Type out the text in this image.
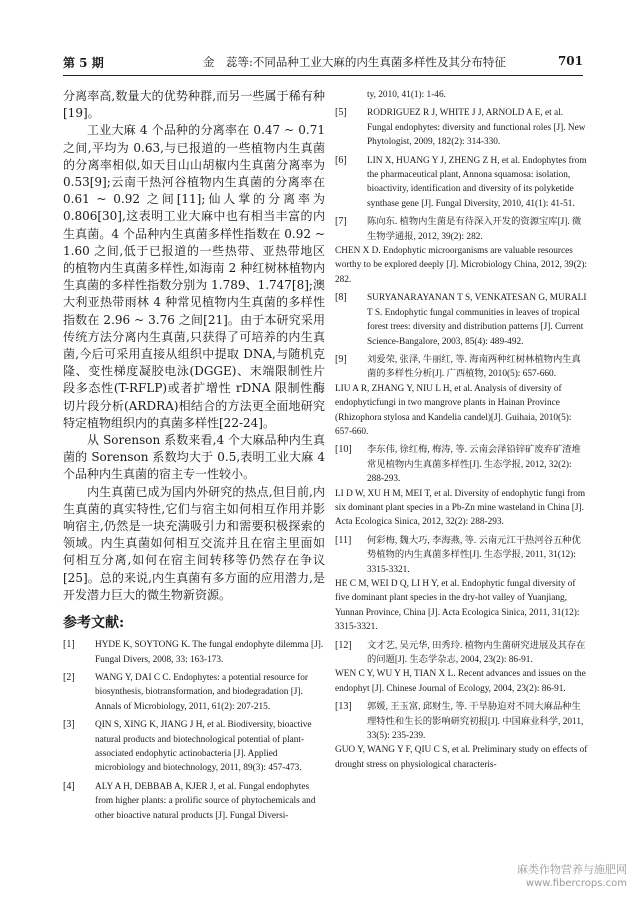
第 5 期	金　蕊等:不同品种工业大麻的内生真菌多样性及其分布特征	701

分离率高,数量大的优势种群,而另一些属于稀有种[19]。

工业大麻 4 个品种的分离率在 0.47 ~ 0.71 之间,平均为 0.63,与已报道的一些植物内生真菌的分离率相似,如天目山山胡椒内生真菌分离率为 0.53[9];云南干热河谷植物内生真菌的分离率在 0.61 ~ 0.92 之间[11];仙人掌的分离率为 0.806[30],这表明工业大麻中也有相当丰富的内生真菌。4 个品种内生真菌多样性指数在 0.92 ~ 1.60 之间,低于已报道的一些热带、亚热带地区的植物内生真菌多样性,如海南 2 种红树林植物内生真菌的多样性指数分别为 1.789、1.747[8];澳大利亚热带雨林 4 种常见植物内生真菌的多样性指数在 2.96 ~ 3.76 之间[21]。由于本研究采用传统方法分离内生真菌,只获得了可培养的内生真菌,今后可采用直接从组织中提取 DNA,与随机克隆、变性梯度凝胶电泳(DGGE)、末端限制性片段多态性(T-RFLP)或者扩增性 rDNA 限制性酶切片段分析(ARDRA)相结合的方法更全面地研究特定植物组织内的真菌多样性[22-24]。

从 Sorenson 系数来看,4 个大麻品种内生真菌的 Sorenson 系数均大于 0.5,表明工业大麻 4 个品种内生真菌的宿主专一性较小。

内生真菌已成为国内外研究的热点,但目前,内生真菌的真实特性,它们与宿主如何相互作用并影响宿主,仍然是一块充满吸引力和需要积极探索的领域。内生真菌如何相互交流并且在宿主里面如何相互分离,如何在宿主间转移等仍然存在争议[25]。总的来说,内生真菌有多方面的应用潜力,是开发潜力巨大的微生物新资源。

参考文献:
[1]	HYDE K, SOYTONG K. The fungal endophyte dilemma [J]. Fungal Divers, 2008, 33: 163-173.
[2]	WANG Y, DAI C C. Endophytes: a potential resource for biosynthesis, biotransformation, and biodegradation [J]. Annals of Microbiology, 2011, 61(2): 207-215.
[3]	QIN S, XING K, JIANG J H, et al. Biodiversity, bioactive natural products and biotechnological potential of plant-associated endophytic actinobacteria [J]. Applied microbiology and biotechnology, 2011, 89(3): 457-473.
[4]	ALY A H, DEBBAB A, KJER J, et al. Fungal endophytes from higher plants: a prolific source of phytochemicals and other bioactive natural products [J]. Fungal Diversi-
ty, 2010, 41(1): 1-46.
[5]	RODRIGUEZ R J, WHITE J J, ARNOLD A E, et al. Fungal endophytes: diversity and functional roles [J]. New Phytologist, 2009, 182(2): 314-330.
[6]	LIN X, HUANG Y J, ZHENG Z H, et al. Endophytes from the pharmaceutical plant, Annona squamosa: isolation, bioactivity, identification and diversity of its polyketide synthase gene [J]. Fungal Diversity, 2010, 41(1): 41-51.
[7]	陈向东. 植物内生菌是有待深入开发的资源宝库[J]. 微生物学通报, 2012, 39(2): 282.
CHEN X D. Endophytic microorganisms are valuable resources worthy to be explored deeply [J]. Microbiology China, 2012, 39(2): 282.
[8]	SURYANARAYANAN T S, VENKATESAN G, MURALI T S. Endophytic fungal communities in leaves of tropical forest trees: diversity and distribution patterns [J]. Current Science-Bangalore, 2003, 85(4): 489-492.
[9]	刘爱荣, 张泽, 牛丽红, 等. 海南两种红树林植物内生真菌的多样性分析[J]. 广西植物, 2010(5): 657-660.
LIU A R, ZHANG Y, NIU L H, et al. Analysis of diversity of endophyticfungi in two mangrove plants in Hainan Province (Rhizophora stylosa and Kandelia candel)[J]. Guihaia, 2010(5): 657-660.
[10]	李东伟, 徐红梅, 梅涛, 等. 云南会泽铅锌矿废弃矿渣堆常见植物内生真菌多样性[J]. 生态学报, 2012, 32(2): 288-293.
LI D W, XU H M, MEI T, et al. Diversity of endophytic fungi from six dominant plant species in a Pb-Zn mine wasteland in China [J]. Acta Ecologica Sinica, 2012, 32(2): 288-293.
[11]	何彩梅, 魏大巧, 李海燕, 等. 云南元江干热河谷五种优势植物的内生真菌多样性[J]. 生态学报, 2011, 31(12): 3315-3321.
HE C M, WEI D Q, LI H Y, et al. Endophytic fungal diversity of five dominant plant species in the dry-hot valley of Yuanjiang, Yunnan Province, China [J]. Acta Ecologica Sinica, 2011, 31(12): 3315-3321.
[12]	文才艺, 吴元华, 田秀玲. 植物内生菌研究进展及其存在的问题[J]. 生态学杂志, 2004, 23(2): 86-91.
WEN C Y, WU Y H, TIAN X L. Recent advances and issues on the endophyt [J]. Chinese Journal of Ecology, 2004, 23(2): 86-91.
[13]	郭媛, 王玉富, 邱财生, 等. 干旱胁迫对不同大麻品种生理特性和生长的影响研究初报[J]. 中国麻业科学, 2011, 33(5): 235-239.
GUO Y, WANG Y F, QIU C S, et al. Preliminary study on effects of drought stress on physiological characteris-
麻类作物营养与施肥网
www.fibercrops.com
